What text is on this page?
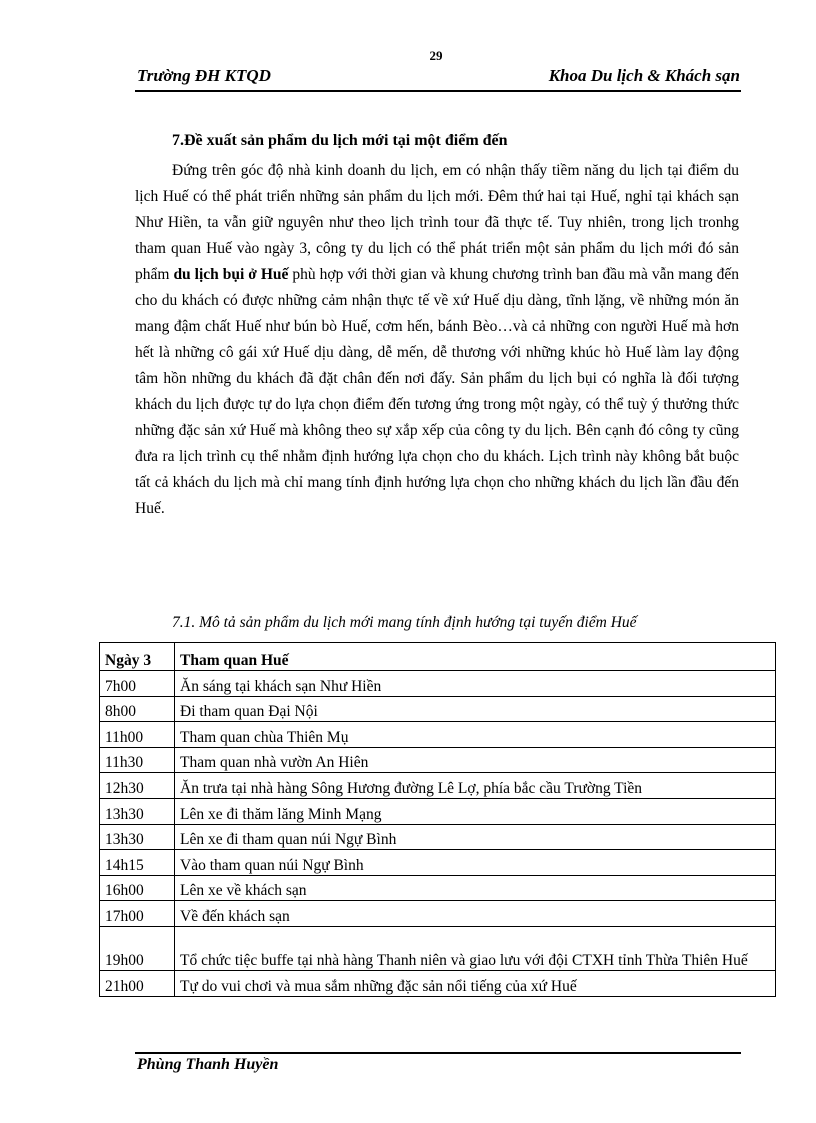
29
Trường ĐH KTQD	Khoa Du lịch & Khách sạn
7.Đề xuất sản phẩm du lịch mới tại một điểm đến

Đứng trên góc độ nhà kinh doanh du lịch, em có nhận thấy tiềm năng du lịch tại điểm du lịch Huế có thể phát triển những sản phẩm du lịch mới. Đêm thứ hai tại Huế, nghỉ tại khách sạn Như Hiền, ta vẫn giữ nguyên như theo lịch trình tour đã thực tế. Tuy nhiên, trong lịch tronhg tham quan Huế vào ngày 3, công ty du lịch có thể phát triển một sản phẩm du lịch mới đó sản phẩm du lịch bụi ở Huế phù hợp với thời gian và khung chương trình ban đầu mà vẫn mang đến cho du khách có được những cảm nhận thực tế về xứ Huế dịu dàng, tĩnh lặng, về những món ăn mang đậm chất Huế như bún bò Huế, cơm hến, bánh Bèo…và cả những con người Huế mà hơn hết là những cô gái xứ Huế dịu dàng, dễ mến, dễ thương với những khúc hò Huế làm lay động tâm hồn những du khách đã đặt chân đến nơi đấy. Sản phẩm du lịch bụi có nghĩa là đối tượng khách du lịch được tự do lựa chọn điểm đến tương ứng trong một ngày, có thể tuỳ ý thưởng thức những đặc sản xứ Huế mà không theo sự xắp xếp của công ty du lịch. Bên cạnh đó công ty cũng đưa ra lịch trình cụ thể nhằm định hướng lựa chọn cho du khách. Lịch trình này không bắt buộc tất cả khách du lịch mà chỉ mang tính định hướng lựa chọn cho những khách du lịch lần đầu đến Huế.

7.1. Mô tả sản phẩm du lịch mới mang tính định hướng tại tuyến điểm Huế
Ngày 3	Tham quan Huế
7h00	Ăn sáng tại khách sạn Như Hiền
8h00	Đi tham quan Đại Nội
11h00	Tham quan chùa Thiên Mụ
11h30	Tham quan nhà vườn An Hiên
12h30	Ăn trưa tại nhà hàng Sông Hương đường Lê Lợ, phía bắc cầu Trường Tiền
13h30	Lên xe đi thăm lăng Minh Mạng
13h30	Lên xe đi tham quan núi Ngự Bình
14h15	Vào tham quan núi Ngự Bình
16h00	Lên xe về khách sạn
17h00	Về đến khách sạn
19h00	Tổ chức tiệc buffe tại nhà hàng Thanh niên và giao lưu với đội CTXH tỉnh Thừa Thiên Huế
21h00	Tự do vui chơi và mua sắm những đặc sản nổi tiếng của xứ Huế
Phùng Thanh Huyền
